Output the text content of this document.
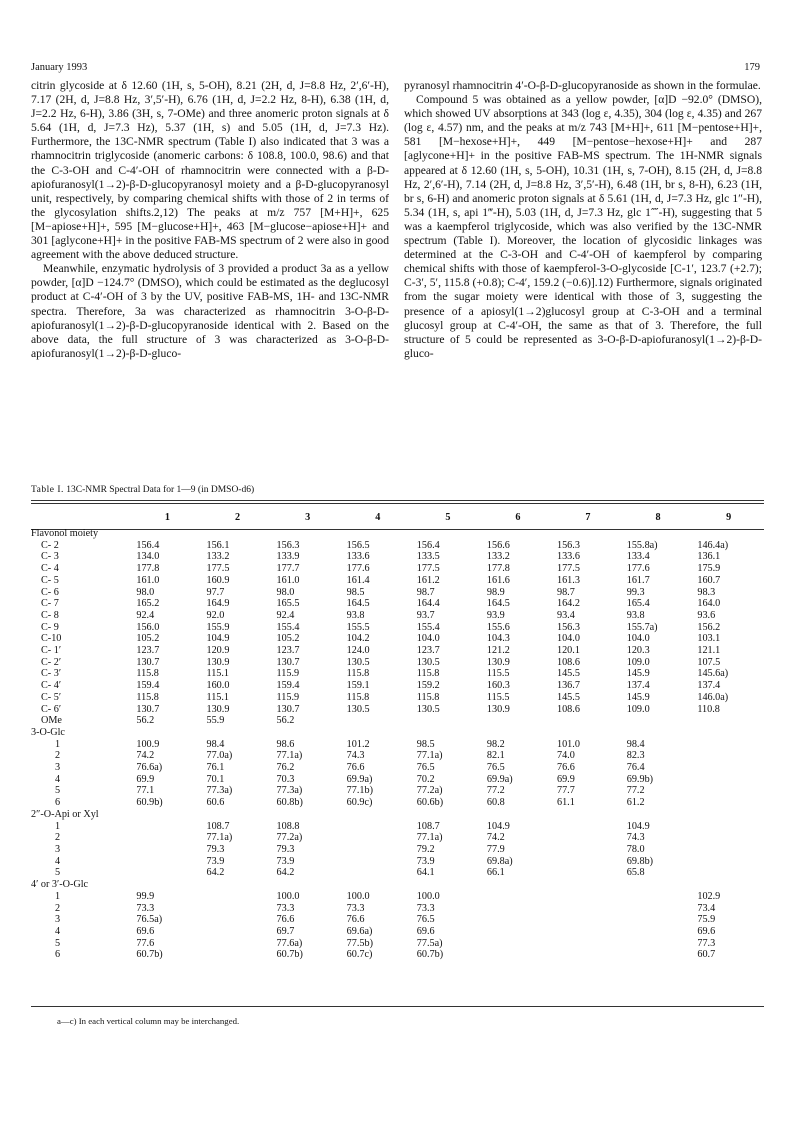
January 1993	179

citrin glycoside at δ 12.60 (1H, s, 5-OH), 8.21 (2H, d, J=8.8 Hz, 2′,6′-H), 7.17 (2H, d, J=8.8 Hz, 3′,5′-H), 6.76 (1H, d, J=2.2 Hz, 8-H), 6.38 (1H, d, J=2.2 Hz, 6-H), 3.86 (3H, s, 7-OMe) and three anomeric proton signals at δ 5.64 (1H, d, J=7.3 Hz), 5.37 (1H, s) and 5.05 (1H, d, J=7.3 Hz). Furthermore, the 13C-NMR spectrum (Table I) also indicated that 3 was a rhamnocitrin triglycoside (anomeric carbons: δ 108.8, 100.0, 98.6) and that the C-3-OH and C-4′-OH of rhamnocitrin were connected with a β-D-apiofuranosyl(1→2)-β-D-glucopyranosyl moiety and a β-D-glucopyranosyl unit, respectively, by comparing chemical shifts with those of 2 in terms of the glycosylation shifts.2,12) The peaks at m/z 757 [M+H]+, 625 [M−apiose+H]+, 595 [M−glucose+H]+, 463 [M−glucose−apiose+H]+ and 301 [aglycone+H]+ in the positive FAB-MS spectrum of 2 were also in good agreement with the above deduced structure.

Meanwhile, enzymatic hydrolysis of 3 provided a product 3a as a yellow powder, [α]D −124.7° (DMSO), which could be estimated as the deglucosyl product at C-4′-OH of 3 by the UV, positive FAB-MS, 1H- and 13C-NMR spectra. Therefore, 3a was characterized as rhamnocitrin 3-O-β-D-apiofuranosyl(1→2)-β-D-glucopyranoside identical with 2. Based on the above data, the full structure of 3 was characterized as 3-O-β-D-apiofuranosyl(1→2)-β-D-gluco-

pyranosyl rhamnocitrin 4′-O-β-D-glucopyranoside as shown in the formulae.

Compound 5 was obtained as a yellow powder, [α]D −92.0° (DMSO), which showed UV absorptions at 343 (log ε, 4.35), 304 (log ε, 4.35) and 267 (log ε, 4.57) nm, and the peaks at m/z 743 [M+H]+, 611 [M−pentose+H]+, 581 [M−hexose+H]+, 449 [M−pentose−hexose+H]+ and 287 [aglycone+H]+ in the positive FAB-MS spectrum. The 1H-NMR signals appeared at δ 12.60 (1H, s, 5-OH), 10.31 (1H, s, 7-OH), 8.15 (2H, d, J=8.8 Hz, 2′,6′-H), 7.14 (2H, d, J=8.8 Hz, 3′,5′-H), 6.48 (1H, br s, 8-H), 6.23 (1H, br s, 6-H) and anomeric proton signals at δ 5.61 (1H, d, J=7.3 Hz, glc 1″-H), 5.34 (1H, s, api 1‴-H), 5.03 (1H, d, J=7.3 Hz, glc 1⁗-H), suggesting that 5 was a kaempferol triglycoside, which was also verified by the 13C-NMR spectrum (Table I). Moreover, the location of glycosidic linkages was determined at the C-3-OH and C-4′-OH of kaempferol by comparing chemical shifts with those of kaempferol-3-O-glycoside [C-1′, 123.7 (+2.7); C-3′, 5′, 115.8 (+0.8); C-4′, 159.2 (−0.6)].12) Furthermore, signals originated from the sugar moiety were identical with those of 3, suggesting the presence of a apiosyl(1→2)glucosyl group at C-3-OH and a terminal glucosyl group at C-4′-OH, the same as that of 3. Therefore, the full structure of 5 could be represented as 3-O-β-D-apiofuranosyl(1→2)-β-D-gluco-

Table I. 13C-NMR Spectral Data for 1—9 (in DMSO-d6)
	1	2	3	4	5	6	7	8	9
Flavonol moiety									
C- 2	156.4	156.1	156.3	156.5	156.4	156.6	156.3	155.8a)	146.4a)
C- 3	134.0	133.2	133.9	133.6	133.5	133.2	133.6	133.4	136.1
C- 4	177.8	177.5	177.7	177.6	177.5	177.8	177.5	177.6	175.9
C- 5	161.0	160.9	161.0	161.4	161.2	161.6	161.3	161.7	160.7
C- 6	98.0	97.7	98.0	98.5	98.7	98.9	98.7	99.3	98.3
C- 7	165.2	164.9	165.5	164.5	164.4	164.5	164.2	165.4	164.0
C- 8	92.4	92.0	92.4	93.8	93.7	93.9	93.4	93.8	93.6
C- 9	156.0	155.9	155.4	155.5	155.4	155.6	156.3	155.7a)	156.2
C-10	105.2	104.9	105.2	104.2	104.0	104.3	104.0	104.0	103.1
C- 1′	123.7	120.9	123.7	124.0	123.7	121.2	120.1	120.3	121.1
C- 2′	130.7	130.9	130.7	130.5	130.5	130.9	108.6	109.0	107.5
C- 3′	115.8	115.1	115.9	115.8	115.8	115.5	145.5	145.9	145.6a)
C- 4′	159.4	160.0	159.4	159.1	159.2	160.3	136.7	137.4	137.4
C- 5′	115.8	115.1	115.9	115.8	115.8	115.5	145.5	145.9	146.0a)
C- 6′	130.7	130.9	130.7	130.5	130.5	130.9	108.6	109.0	110.8
OMe	56.2	55.9	56.2						
3-O-Glc									
1	100.9	98.4	98.6	101.2	98.5	98.2	101.0	98.4	
2	74.2	77.0a)	77.1a)	74.3	77.1a)	82.1	74.0	82.3	
3	76.6a)	76.1	76.2	76.6	76.5	76.5	76.6	76.4	
4	69.9	70.1	70.3	69.9a)	70.2	69.9a)	69.9	69.9b)	
5	77.1	77.3a)	77.3a)	77.1b)	77.2a)	77.2	77.7	77.2	
6	60.9b)	60.6	60.8b)	60.9c)	60.6b)	60.8	61.1	61.2	
2″-O-Api or Xyl									
1		108.7	108.8		108.7	104.9		104.9	
2		77.1a)	77.2a)		77.1a)	74.2		74.3	
3		79.3	79.3		79.2	77.9		78.0	
4		73.9	73.9		73.9	69.8a)		69.8b)	
5		64.2	64.2		64.1	66.1		65.8	
4′ or 3′-O-Glc									
1	99.9		100.0	100.0	100.0				102.9
2	73.3		73.3	73.3	73.3				73.4
3	76.5a)		76.6	76.6	76.5				75.9
4	69.6		69.7	69.6a)	69.6				69.6
5	77.6		77.6a)	77.5b)	77.5a)				77.3
6	60.7b)		60.7b)	60.7c)	60.7b)				60.7
a—c) In each vertical column may be interchanged.
